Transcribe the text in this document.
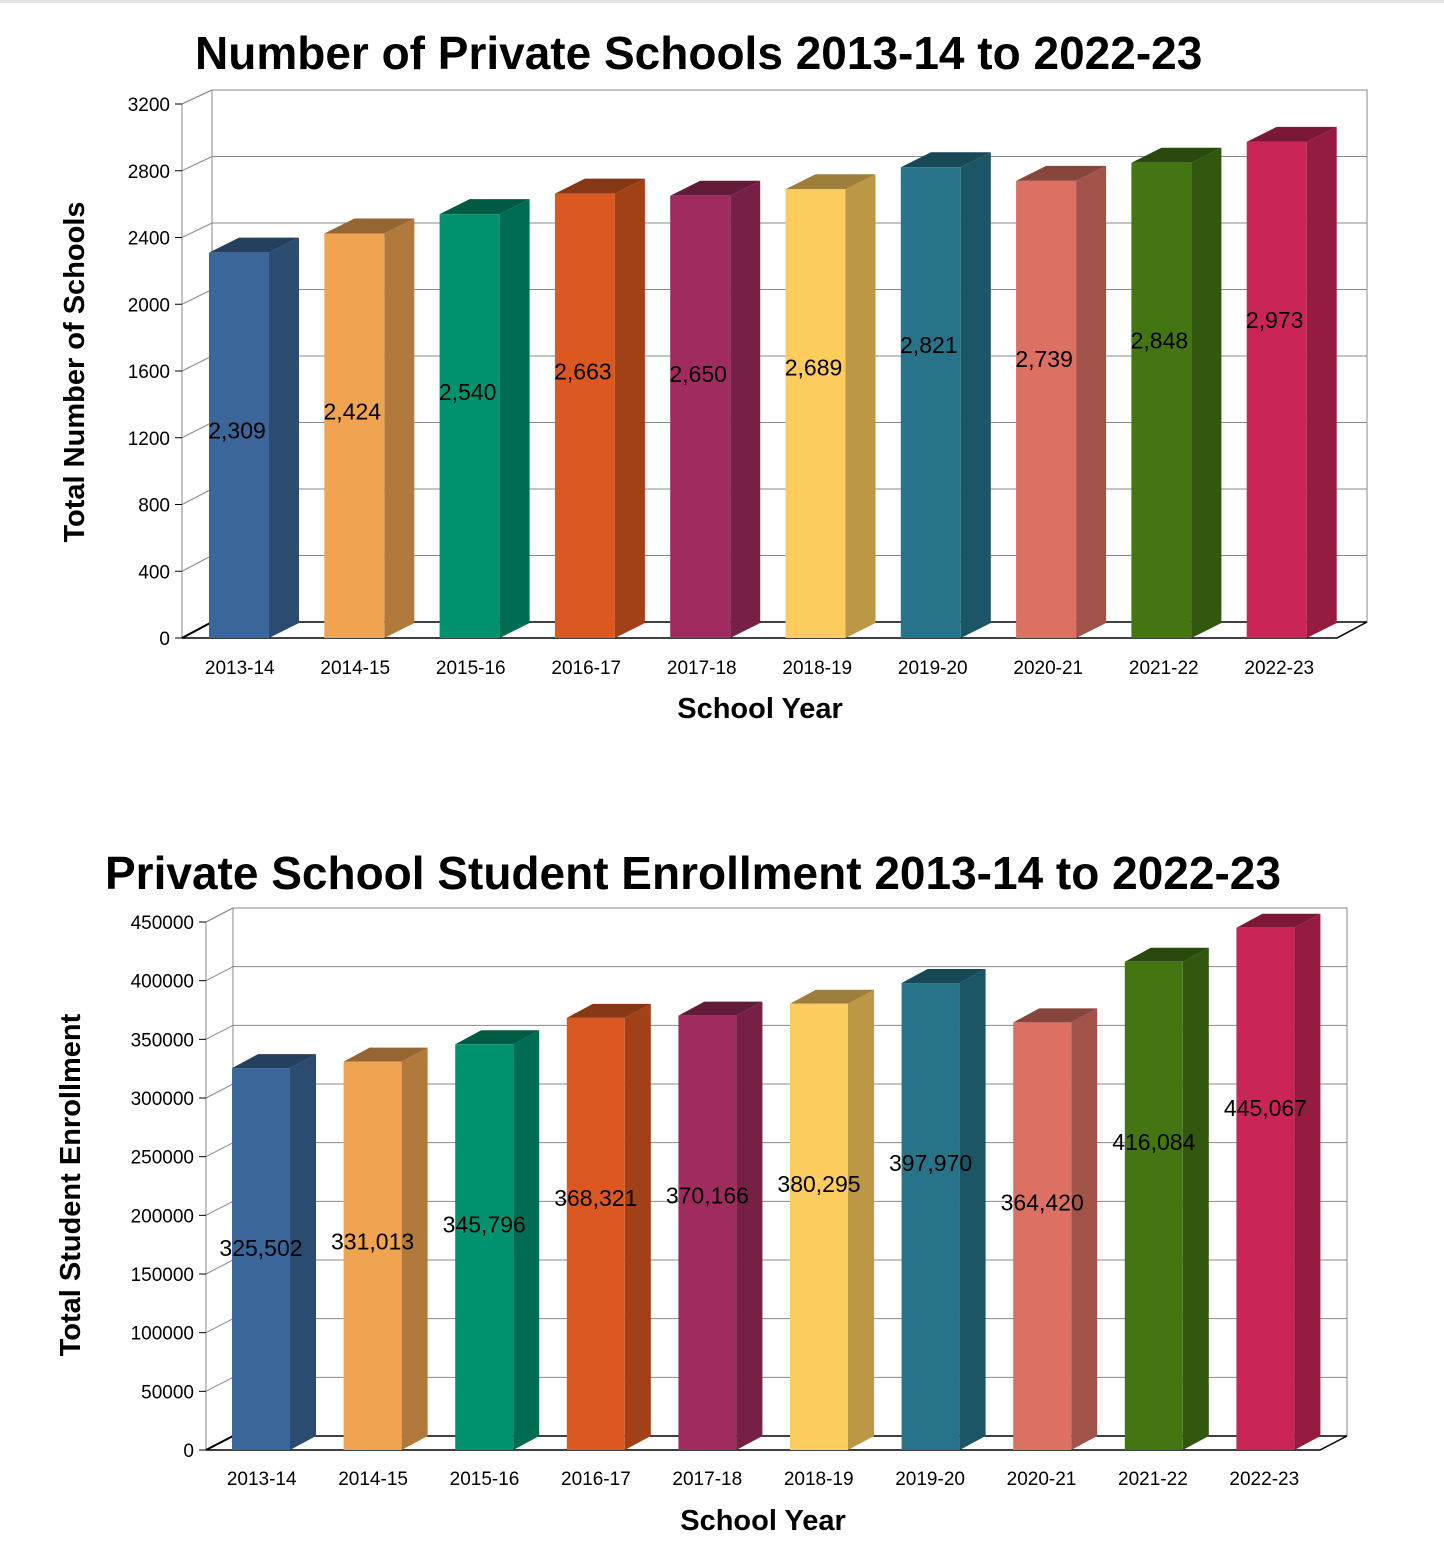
Number of Private Schools 2013-14 to 2022-23
0
400
800
1200
1600
2000
2400
2800
3200
2,309
2013-14
2,424
2014-15
2,540
2015-16
2,663
2016-17
2,650
2017-18
2,689
2018-19
2,821
2019-20
2,739
2020-21
2,848
2021-22
2,973
2022-23
School Year
Total Number of Schools
Private School Student Enrollment 2013-14 to 2022-23
0
50000
100000
150000
200000
250000
300000
350000
400000
450000
325,502
2013-14
331,013
2014-15
345,796
2015-16
368,321
2016-17
370,166
2017-18
380,295
2018-19
397,970
2019-20
364,420
2020-21
416,084
2021-22
445,067
2022-23
School Year
Total Student Enrollment
